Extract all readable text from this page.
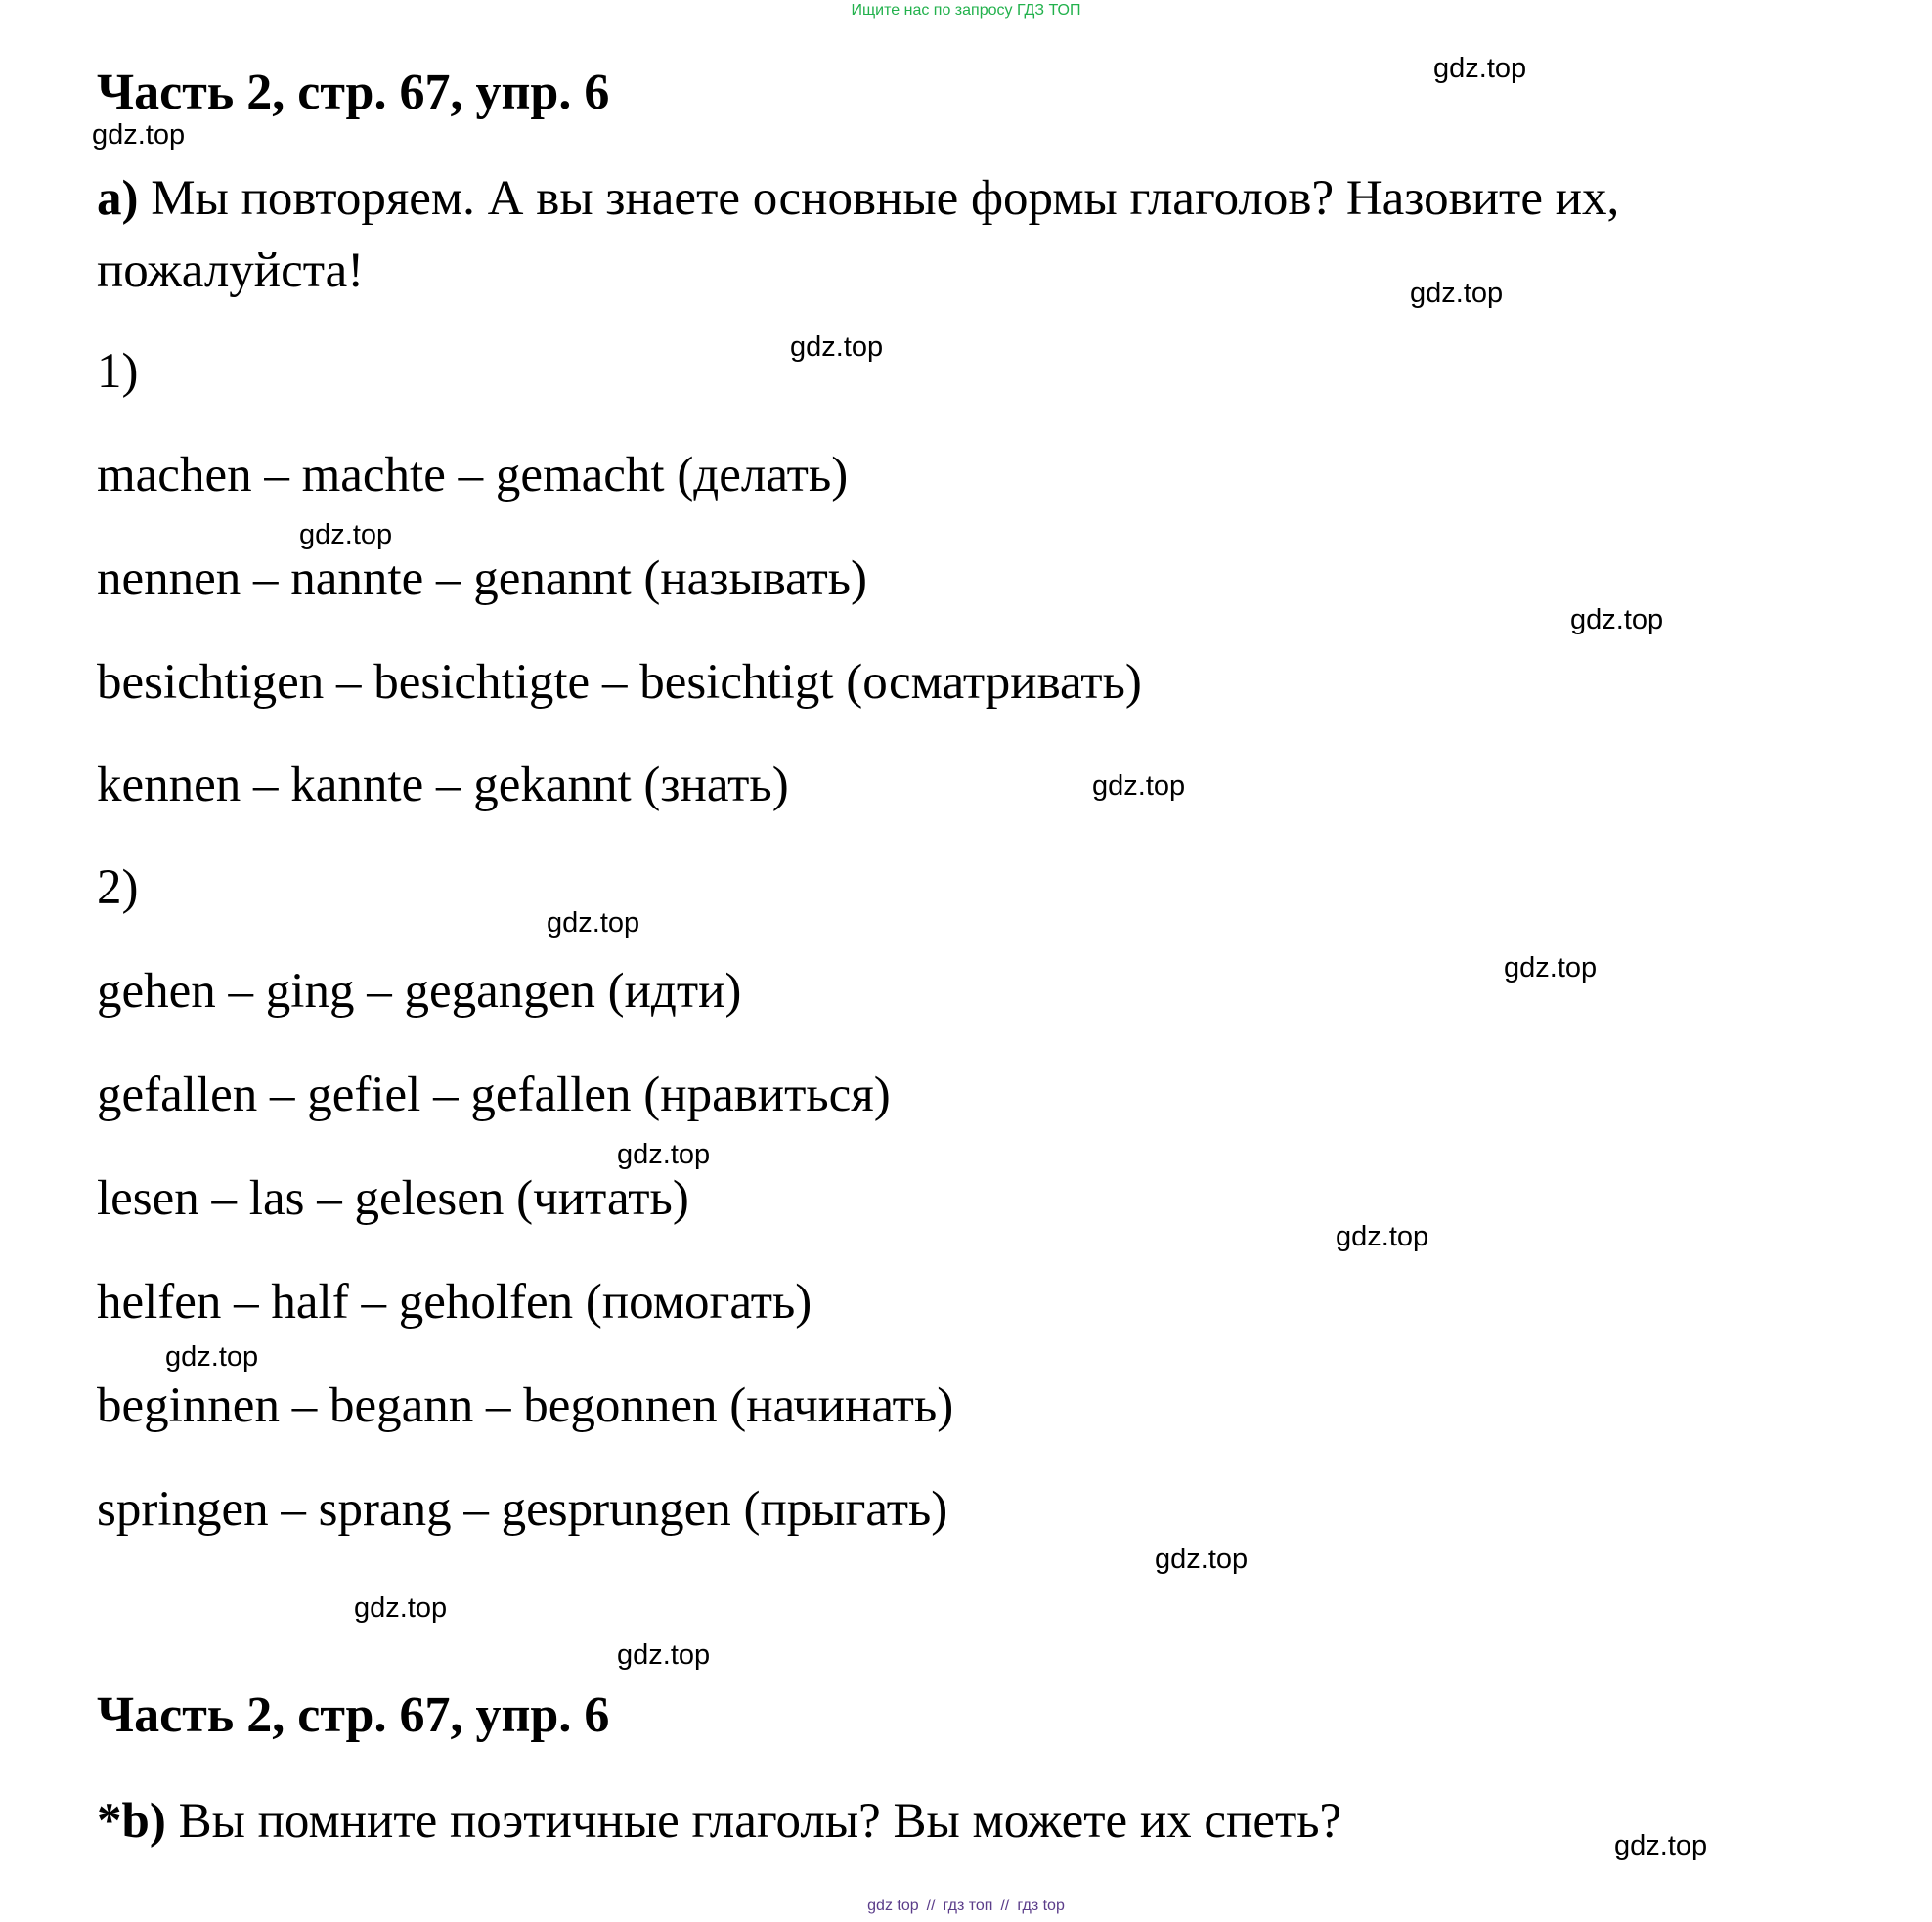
Ищите нас по запросу ГДЗ ТОП
Часть 2, стр. 67, упр. 6
a) Мы повторяем. А вы знаете основные формы глаголов? Назовите их, пожалуйста!
1)
machen – machte – gemacht (делать)
nennen – nannte – genannt (называть)
besichtigen – besichtigte – besichtigt (осматривать)
kennen – kannte – gekannt (знать)
2)
gehen – ging – gegangen (идти)
gefallen – gefiel – gefallen (нравиться)
lesen – las – gelesen (читать)
helfen – half – geholfen (помогать)
beginnen – begann – begonnen (начинать)
springen – sprang – gesprungen (прыгать)
Часть 2, стр. 67, упр. 6
*b) Вы помните поэтичные глаголы? Вы можете их спеть?
gdz.top
gdz.top
gdz.top
gdz.top
gdz.top
gdz.top
gdz.top
gdz.top
gdz.top
gdz.top
gdz.top
gdz.top
gdz.top
gdz.top
gdz.top
gdz.top
gdz top // гдз топ // гдз top
